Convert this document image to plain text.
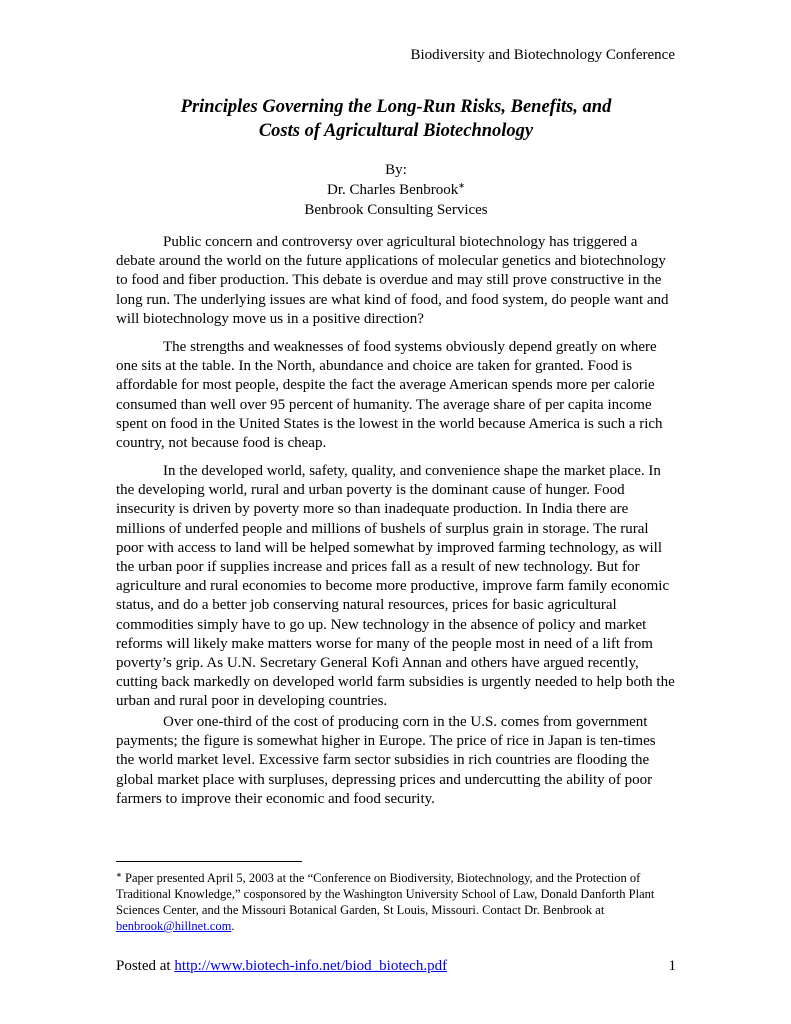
Biodiversity and Biotechnology Conference
Principles Governing the Long-Run Risks, Benefits, and
Costs of Agricultural Biotechnology
By:
Dr. Charles Benbrook∗
Benbrook Consulting Services

Public concern and controversy over agricultural biotechnology has triggered a debate around the world on the future applications of molecular genetics and biotechnology to food and fiber production. This debate is overdue and may still prove constructive in the long run. The underlying issues are what kind of food, and food system, do people want and will biotechnology move us in a positive direction?

The strengths and weaknesses of food systems obviously depend greatly on where one sits at the table. In the North, abundance and choice are taken for granted. Food is affordable for most people, despite the fact the average American spends more per calorie consumed than well over 95 percent of humanity. The average share of per capita income spent on food in the United States is the lowest in the world because America is such a rich country, not because food is cheap.

In the developed world, safety, quality, and convenience shape the market place. In the developing world, rural and urban poverty is the dominant cause of hunger. Food insecurity is driven by poverty more so than inadequate production. In India there are millions of underfed people and millions of bushels of surplus grain in storage. The rural poor with access to land will be helped somewhat by improved farming technology, as will the urban poor if supplies increase and prices fall as a result of new technology. But for agriculture and rural economies to become more productive, improve farm family economic status, and do a better job conserving natural resources, prices for basic agricultural commodities simply have to go up. New technology in the absence of policy and market reforms will likely make matters worse for many of the people most in need of a lift from poverty’s grip. As U.N. Secretary General Kofi Annan and others have argued recently, cutting back markedly on developed world farm subsidies is urgently needed to help both the urban and rural poor in developing countries.

Over one-third of the cost of producing corn in the U.S. comes from government payments; the figure is somewhat higher in Europe. The price of rice in Japan is ten-times the world market level. Excessive farm sector subsidies in rich countries are flooding the global market place with surpluses, depressing prices and undercutting the ability of poor farmers to improve their economic and food security.

∗ Paper presented April 5, 2003 at the “Conference on Biodiversity, Biotechnology, and the Protection of Traditional Knowledge,” cosponsored by the Washington University School of Law, Donald Danforth Plant Sciences Center, and the Missouri Botanical Garden, St Louis, Missouri. Contact Dr. Benbrook at benbrook@hillnet.com.

Posted at http://www.biotech-info.net/biod_biotech.pdf	1
